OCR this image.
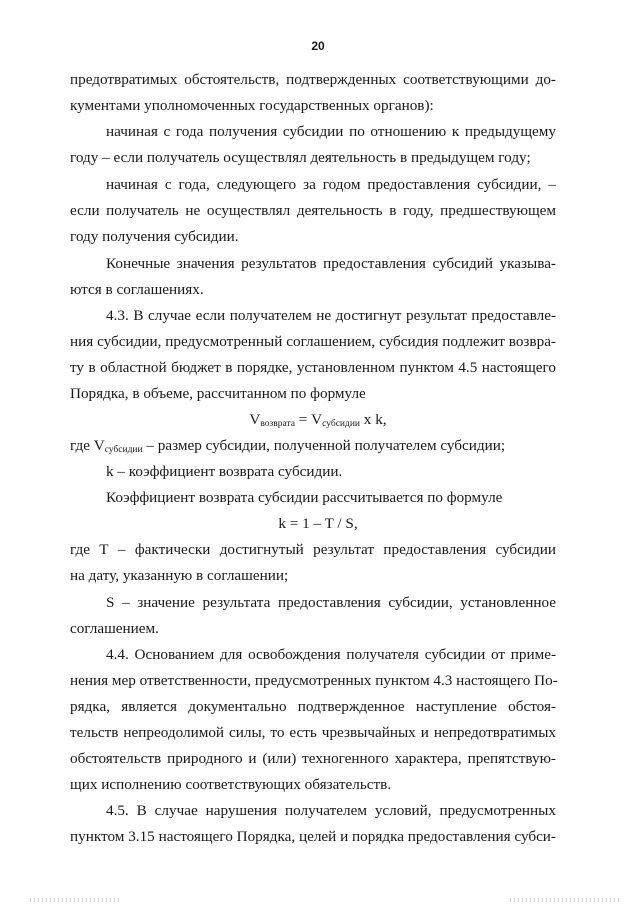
20
предотвратимых обстоятельств, подтвержденных соответствующими до-
кументами уполномоченных государственных органов):
начиная с года получения субсидии по отношению к предыдущему
году – если получатель осуществлял деятельность в предыдущем году;
начиная с года, следующего за годом предоставления субсидии, –
если получатель не осуществлял деятельность в году, предшествующем
году получения субсидии.
Конечные значения результатов предоставления субсидий указыва-
ются в соглашениях.
4.3. В случае если получателем не достигнут результат предоставле-
ния субсидии, предусмотренный соглашением, субсидия подлежит возвра-
ту в областной бюджет в порядке, установленном пунктом 4.5 настоящего
Порядка, в объеме, рассчитанном по формуле
$V_{возврата} = V_{субсидии}$ x k,
где $V_{субсидии}$ – размер субсидии, полученной получателем субсидии;
k – коэффициент возврата субсидии.
Коэффициент возврата субсидии рассчитывается по формуле
k = 1 – T / S,
где Т – фактически достигнутый результат предоставления субсидии
на дату, указанную в соглашении;
S – значение результата предоставления субсидии, установленное
соглашением.
4.4. Основанием для освобождения получателя субсидии от приме-
нения мер ответственности, предусмотренных пунктом 4.3 настоящего По-
рядка, является документально подтвержденное наступление обстоя-
тельств непреодолимой силы, то есть чрезвычайных и непредотвратимых
обстоятельств природного и (или) техногенного характера, препятствую-
щих исполнению соответствующих обязательств.
4.5. В случае нарушения получателем условий, предусмотренных
пунктом 3.15 настоящего Порядка, целей и порядка предоставления субси-
